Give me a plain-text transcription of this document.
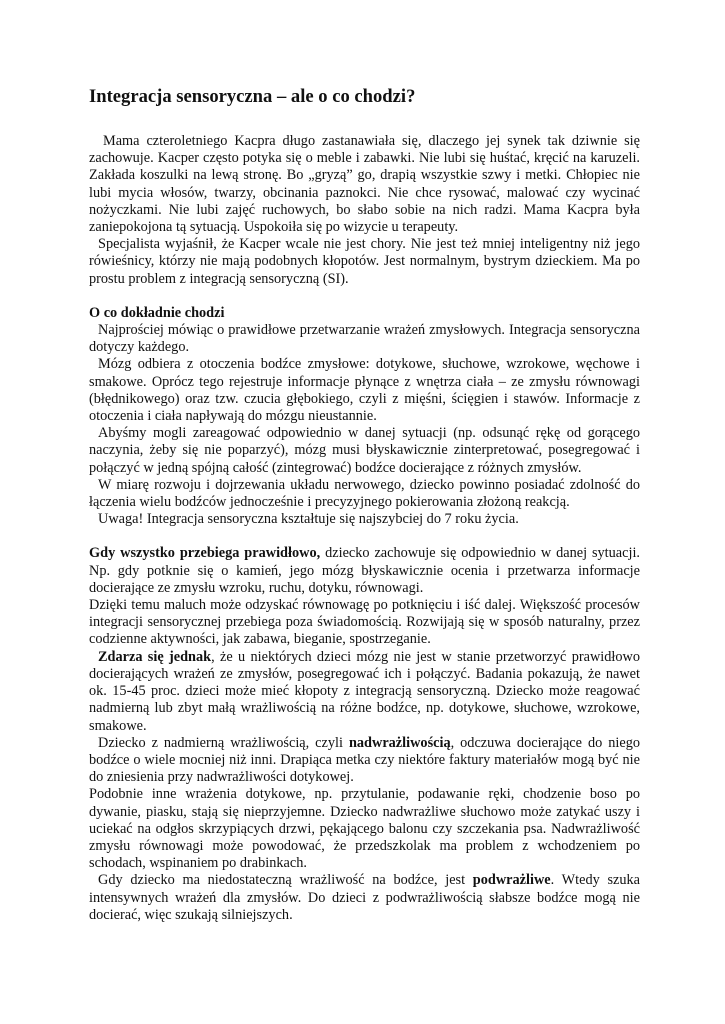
Integracja sensoryczna – ale o co chodzi?

Mama czteroletniego Kacpra długo zastanawiała się, dlaczego jej synek tak dziwnie się zachowuje. Kacper często potyka się o meble i zabawki. Nie lubi się huśtać, kręcić na karuzeli. Zakłada koszulki na lewą stronę. Bo „gryzą” go, drapią wszystkie szwy i metki. Chłopiec nie lubi mycia włosów, twarzy, obcinania paznokci. Nie chce rysować, malować czy wycinać nożyczkami. Nie lubi zajęć ruchowych, bo słabo sobie na nich radzi. Mama Kacpra była zaniepokojona tą sytuacją. Uspokoiła się po wizycie u terapeuty.

Specjalista wyjaśnił, że Kacper wcale nie jest chory. Nie jest też mniej inteligentny niż jego rówieśnicy, którzy nie mają podobnych kłopotów. Jest normalnym, bystrym dzieckiem. Ma po prostu problem z integracją sensoryczną (SI).

O co dokładnie chodzi

Najprościej mówiąc o prawidłowe przetwarzanie wrażeń zmysłowych. Integracja sensoryczna dotyczy każdego.

Mózg odbiera z otoczenia bodźce zmysłowe: dotykowe, słuchowe, wzrokowe, węchowe i smakowe. Oprócz tego rejestruje informacje płynące z wnętrza ciała – ze zmysłu równowagi (błędnikowego) oraz tzw. czucia głębokiego, czyli z mięśni, ścięgien i stawów. Informacje z otoczenia i ciała napływają do mózgu nieustannie.

Abyśmy mogli zareagować odpowiednio w danej sytuacji (np. odsunąć rękę od gorącego naczynia, żeby się nie poparzyć), mózg musi błyskawicznie zinterpretować, posegregować i połączyć w jedną spójną całość (zintegrować) bodźce docierające z różnych zmysłów.

W miarę rozwoju i dojrzewania układu nerwowego, dziecko powinno posiadać zdolność do łączenia wielu bodźców jednocześnie i precyzyjnego pokierowania złożoną reakcją.

Uwaga! Integracja sensoryczna kształtuje się najszybciej do 7 roku życia.

Gdy wszystko przebiega prawidłowo, dziecko zachowuje się odpowiednio w danej sytuacji. Np. gdy potknie się o kamień, jego mózg błyskawicznie ocenia i przetwarza informacje docierające ze zmysłu wzroku, ruchu, dotyku, równowagi.

Dzięki temu maluch może odzyskać równowagę po potknięciu i iść dalej. Większość procesów integracji sensorycznej przebiega poza świadomością. Rozwijają się w sposób naturalny, przez codzienne aktywności, jak zabawa, bieganie, spostrzeganie.

Zdarza się jednak, że u niektórych dzieci mózg nie jest w stanie przetworzyć prawidłowo docierających wrażeń ze zmysłów, posegregować ich i połączyć. Badania pokazują, że nawet ok. 15-45 proc. dzieci może mieć kłopoty z integracją sensoryczną. Dziecko może reagować nadmierną lub zbyt małą wrażliwością na różne bodźce, np. dotykowe, słuchowe, wzrokowe, smakowe.

Dziecko z nadmierną wrażliwością, czyli nadwrażliwością, odczuwa docierające do niego bodźce o wiele mocniej niż inni. Drapiąca metka czy niektóre faktury materiałów mogą być nie do zniesienia przy nadwrażliwości dotykowej.

Podobnie inne wrażenia dotykowe, np. przytulanie, podawanie ręki, chodzenie boso po dywanie, piasku, stają się nieprzyjemne. Dziecko nadwrażliwe słuchowo może zatykać uszy i uciekać na odgłos skrzypiących drzwi, pękającego balonu czy szczekania psa. Nadwrażliwość zmysłu równowagi może powodować, że przedszkolak ma problem z wchodzeniem po schodach, wspinaniem po drabinkach.

Gdy dziecko ma niedostateczną wrażliwość na bodźce, jest podwrażliwe. Wtedy szuka intensywnych wrażeń dla zmysłów. Do dzieci z podwrażliwością słabsze bodźce mogą nie docierać, więc szukają silniejszych.
